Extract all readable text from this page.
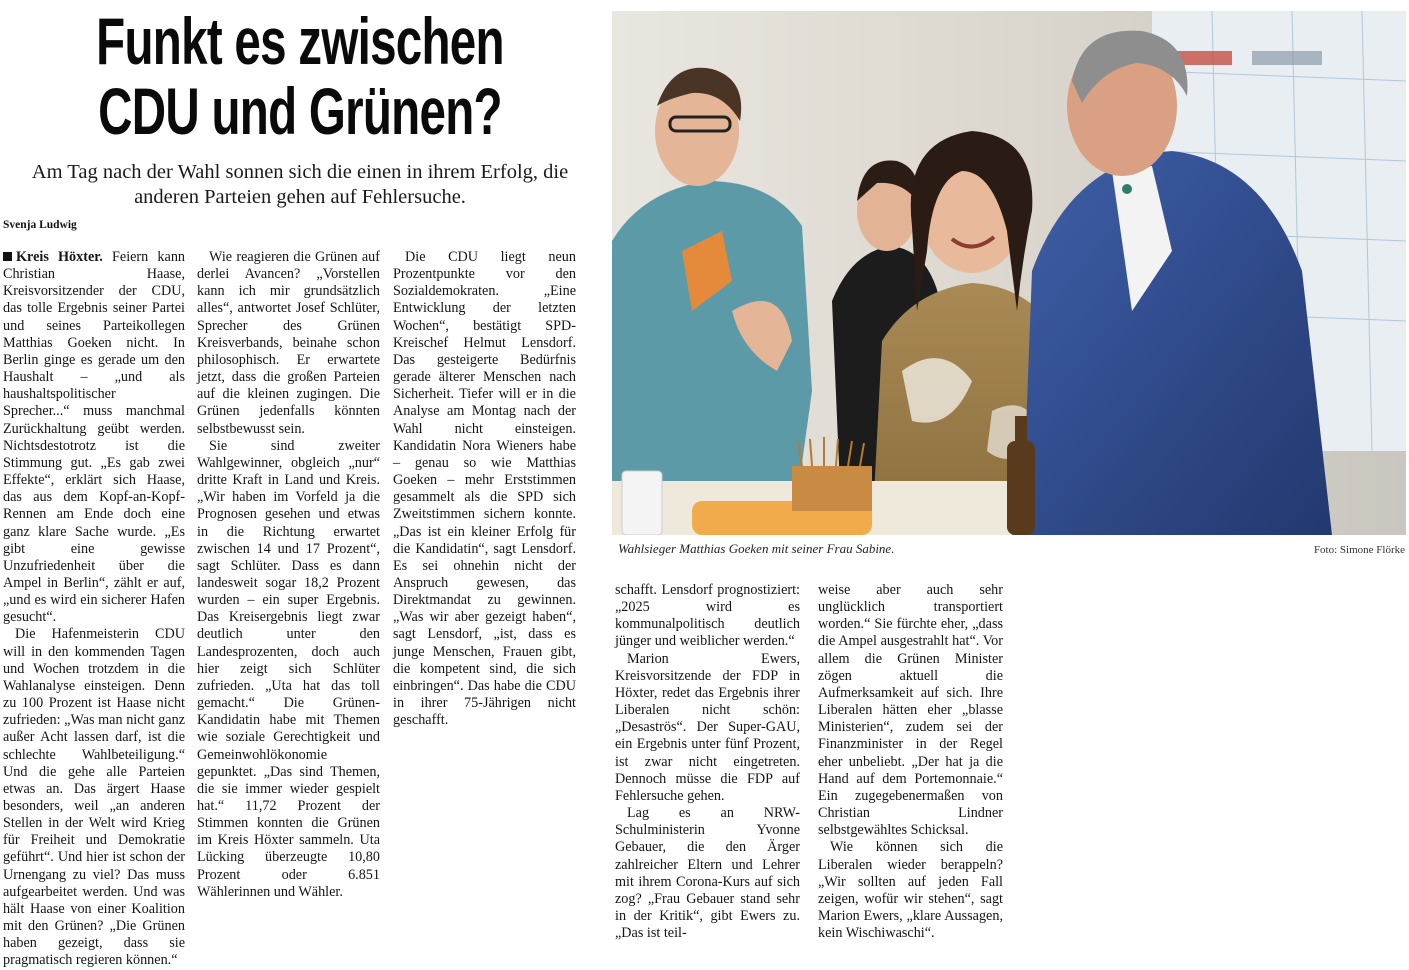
Funkt es zwischen
CDU und Grünen?

Am Tag nach der Wahl sonnen sich die einen in ihrem Erfolg, die anderen Parteien gehen auf Fehlersuche.

Svenja Ludwig

Kreis Höxter. Feiern kann Christian Haase, Kreisvorsitzender der CDU, das tolle Ergebnis seiner Partei und seines Parteikollegen Matthias Goeken nicht. In Berlin ginge es gerade um den Haushalt – „und als haushaltspolitischer Sprecher...“ muss manchmal Zurückhaltung geübt werden. Nichtsdestotrotz ist die Stimmung gut. „Es gab zwei Effekte“, erklärt sich Haase, das aus dem Kopf-an-Kopf-Rennen am Ende doch eine ganz klare Sache wurde. „Es gibt eine gewisse Unzufriedenheit über die Ampel in Berlin“, zählt er auf, „und es wird ein sicherer Hafen gesucht“.

Die Hafenmeisterin CDU will in den kommenden Tagen und Wochen trotzdem in die Wahlanalyse einsteigen. Denn zu 100 Prozent ist Haase nicht zufrieden: „Was man nicht ganz außer Acht lassen darf, ist die schlechte Wahlbeteiligung.“ Und die gehe alle Parteien etwas an. Das ärgert Haase besonders, weil „an anderen Stellen in der Welt wird Krieg für Freiheit und Demokratie geführt“. Und hier ist schon der Urnengang zu viel? Das muss aufgearbeitet werden. Und was hält Haase von einer Koalition mit den Grünen? „Die Grünen haben gezeigt, dass sie pragmatisch regieren können.“

Wie reagieren die Grünen auf derlei Avancen? „Vorstellen kann ich mir grundsätzlich alles“, antwortet Josef Schlüter, Sprecher des Grünen Kreisverbands, beinahe schon philosophisch. Er erwartete jetzt, dass die großen Parteien auf die kleinen zugingen. Die Grünen jedenfalls könnten selbstbewusst sein.

Sie sind zweiter Wahlgewinner, obgleich „nur“ dritte Kraft in Land und Kreis. „Wir haben im Vorfeld ja die Prognosen gesehen und etwas in die Richtung erwartet zwischen 14 und 17 Prozent“, sagt Schlüter. Dass es dann landesweit sogar 18,2 Prozent wurden – ein super Ergebnis. Das Kreisergebnis liegt zwar deutlich unter den Landesprozenten, doch auch hier zeigt sich Schlüter zufrieden. „Uta hat das toll gemacht.“ Die Grünen-Kandidatin habe mit Themen wie soziale Gerechtigkeit und Gemeinwohlökonomie gepunktet. „Das sind Themen, die sie immer wieder gespielt hat.“ 11,72 Prozent der Stimmen konnten die Grünen im Kreis Höxter sammeln. Uta Lücking überzeugte 10,80 Prozent oder 6.851 Wählerinnen und Wähler.

Die CDU liegt neun Prozentpunkte vor den Sozialdemokraten. „Eine Entwicklung der letzten Wochen“, bestätigt SPD-Kreischef Helmut Lensdorf. Das gesteigerte Bedürfnis gerade älterer Menschen nach Sicherheit. Tiefer will er in die Analyse am Montag nach der Wahl nicht einsteigen. Kandidatin Nora Wieners habe – genau so wie Matthias Goeken – mehr Erststimmen gesammelt als die SPD sich Zweitstimmen sichern konnte. „Das ist ein kleiner Erfolg für die Kandidatin“, sagt Lensdorf. Es sei ohnehin nicht der Anspruch gewesen, das Direktmandat zu gewinnen. „Was wir aber gezeigt haben“, sagt Lensdorf, „ist, dass es junge Menschen, Frauen gibt, die kompetent sind, die sich einbringen“. Das habe die CDU in ihrer 75-Jährigen nicht geschafft.

Wahlsieger Matthias Goeken mit seiner Frau Sabine.	Foto: Simone Flörke

schafft. Lensdorf prognostiziert: „2025 wird es kommunalpolitisch deutlich jünger und weiblicher werden.“

Marion Ewers, Kreisvorsitzende der FDP in Höxter, redet das Ergebnis ihrer Liberalen nicht schön: „Desaströs“. Der Super-GAU, ein Ergebnis unter fünf Prozent, ist zwar nicht eingetreten. Dennoch müsse die FDP auf Fehlersuche gehen.

Lag es an NRW-Schulministerin Yvonne Gebauer, die den Ärger zahlreicher Eltern und Lehrer mit ihrem Corona-Kurs auf sich zog? „Frau Gebauer stand sehr in der Kritik“, gibt Ewers zu. „Das ist teil-

weise aber auch sehr unglücklich transportiert worden.“ Sie fürchte eher, „dass die Ampel ausgestrahlt hat“. Vor allem die Grünen Minister zögen aktuell die Aufmerksamkeit auf sich. Ihre Liberalen hätten eher „blasse Ministerien“, zudem sei der Finanzminister in der Regel eher unbeliebt. „Der hat ja die Hand auf dem Portemonnaie.“ Ein zugegebenermaßen von Christian Lindner selbstgewähltes Schicksal.

Wie können sich die Liberalen wieder berappeln? „Wir sollten auf jeden Fall zeigen, wofür wir stehen“, sagt Marion Ewers, „klare Aussagen, kein Wischiwaschi“.
